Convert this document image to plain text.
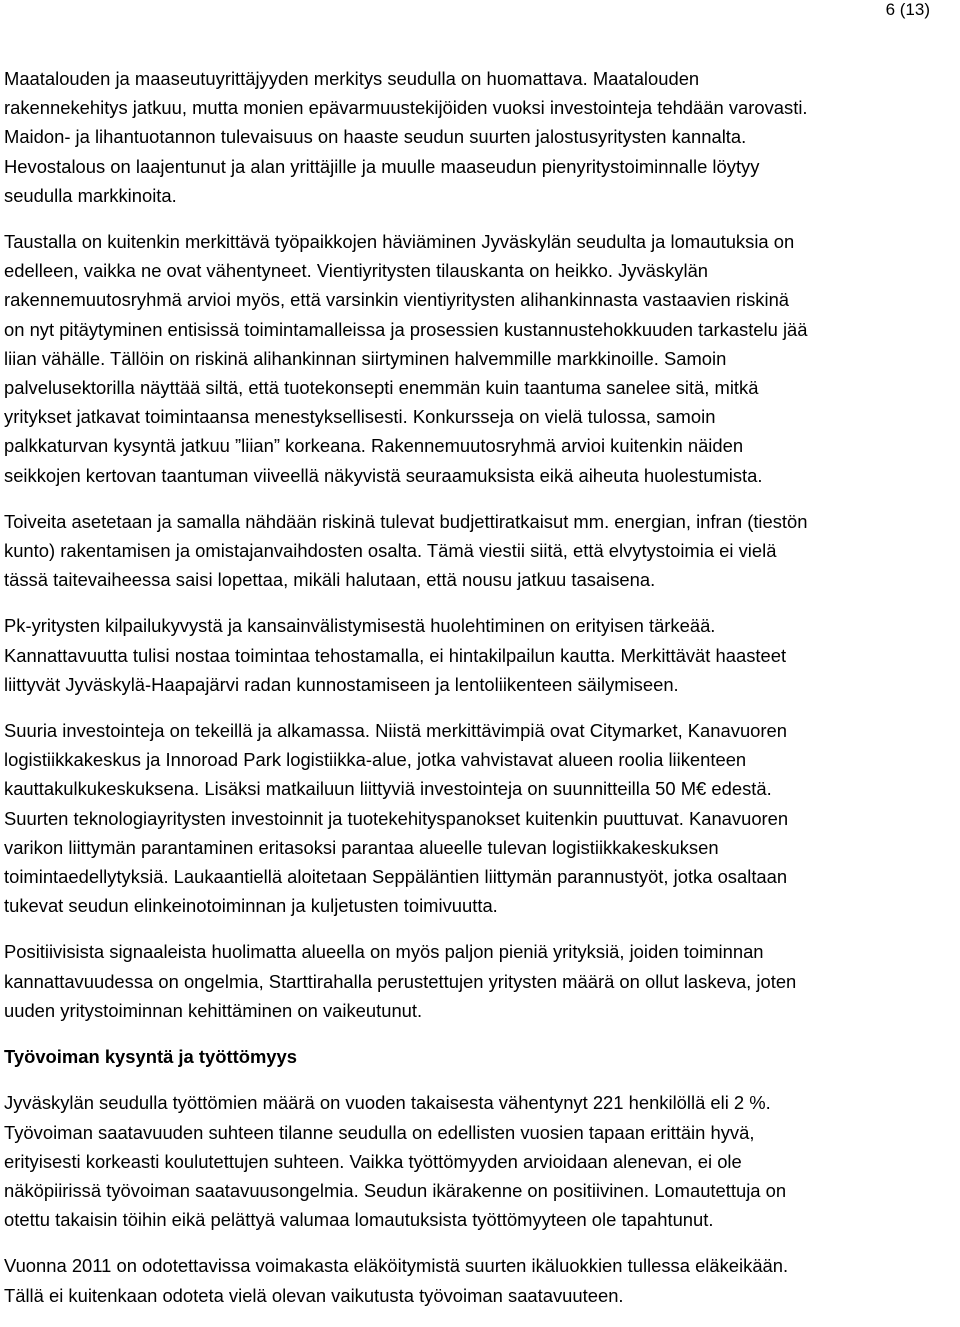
6 (13)

Maatalouden ja maaseutuyrittäjyyden merkitys seudulla on huomattava. Maatalouden
rakennekehitys jatkuu, mutta monien epävarmuustekijöiden vuoksi investointeja tehdään varovasti.
Maidon- ja lihantuotannon tulevaisuus on haaste seudun suurten jalostusyritysten kannalta.
Hevostalous on laajentunut ja alan yrittäjille ja muulle maaseudun pienyritystoiminnalle löytyy
seudulla markkinoita.

Taustalla on kuitenkin merkittävä työpaikkojen häviäminen Jyväskylän seudulta ja lomautuksia on
edelleen, vaikka ne ovat vähentyneet. Vientiyritysten tilauskanta on heikko. Jyväskylän
rakennemuutosryhmä arvioi myös, että varsinkin vientiyritysten alihankinnasta vastaavien riskinä
on nyt pitäytyminen entisissä toimintamalleissa ja prosessien kustannustehokkuuden tarkastelu jää
liian vähälle. Tällöin on riskinä alihankinnan siirtyminen halvemmille markkinoille. Samoin
palvelusektorilla näyttää siltä, että tuotekonsepti enemmän kuin taantuma sanelee sitä, mitkä
yritykset jatkavat toimintaansa menestyksellisesti. Konkursseja on vielä tulossa, samoin
palkkaturvan kysyntä jatkuu ”liian” korkeana. Rakennemuutosryhmä arvioi kuitenkin näiden
seikkojen kertovan taantuman viiveellä näkyvistä seuraamuksista eikä aiheuta huolestumista.

Toiveita asetetaan ja samalla nähdään riskinä tulevat budjettiratkaisut mm. energian, infran (tiestön
kunto) rakentamisen ja omistajanvaihdosten osalta. Tämä viestii siitä, että elvytystoimia ei vielä
tässä taitevaiheessa saisi lopettaa, mikäli halutaan, että nousu jatkuu tasaisena.

Pk-yritysten kilpailukyvystä ja kansainvälistymisestä huolehtiminen on erityisen tärkeää.
Kannattavuutta tulisi nostaa toimintaa tehostamalla, ei hintakilpailun kautta. Merkittävät haasteet
liittyvät Jyväskylä-Haapajärvi radan kunnostamiseen ja lentoliikenteen säilymiseen.

Suuria investointeja on tekeillä ja alkamassa. Niistä merkittävimpiä ovat Citymarket, Kanavuoren
logistiikkakeskus ja Innoroad Park logistiikka-alue, jotka vahvistavat alueen roolia liikenteen
kauttakulkukeskuksena. Lisäksi matkailuun liittyviä investointeja on suunnitteilla 50 M€ edestä.
Suurten teknologiayritysten investoinnit ja tuotekehityspanokset kuitenkin puuttuvat. Kanavuoren
varikon liittymän parantaminen eritasoksi parantaa alueelle tulevan logistiikkakeskuksen
toimintaedellytyksiä. Laukaantiellä aloitetaan Seppäläntien liittymän parannustyöt, jotka osaltaan
tukevat seudun elinkeinotoiminnan ja kuljetusten toimivuutta.

Positiivisista signaaleista huolimatta alueella on myös paljon pieniä yrityksiä, joiden toiminnan
kannattavuudessa on ongelmia, Starttirahalla perustettujen yritysten määrä on ollut laskeva, joten
uuden yritystoiminnan kehittäminen on vaikeutunut.

Työvoiman kysyntä ja työttömyys

Jyväskylän seudulla työttömien määrä on vuoden takaisesta vähentynyt 221 henkilöllä eli 2 %.
Työvoiman saatavuuden suhteen tilanne seudulla on edellisten vuosien tapaan erittäin hyvä,
erityisesti korkeasti koulutettujen suhteen. Vaikka työttömyyden arvioidaan alenevan, ei ole
näköpiirissä työvoiman saatavuusongelmia. Seudun ikärakenne on positiivinen. Lomautettuja on
otettu takaisin töihin eikä pelättyä valumaa lomautuksista työttömyyteen ole tapahtunut.

Vuonna 2011 on odotettavissa voimakasta eläköitymistä suurten ikäluokkien tullessa eläkeikään.
Tällä ei kuitenkaan odoteta vielä olevan vaikutusta työvoiman saatavuuteen.
